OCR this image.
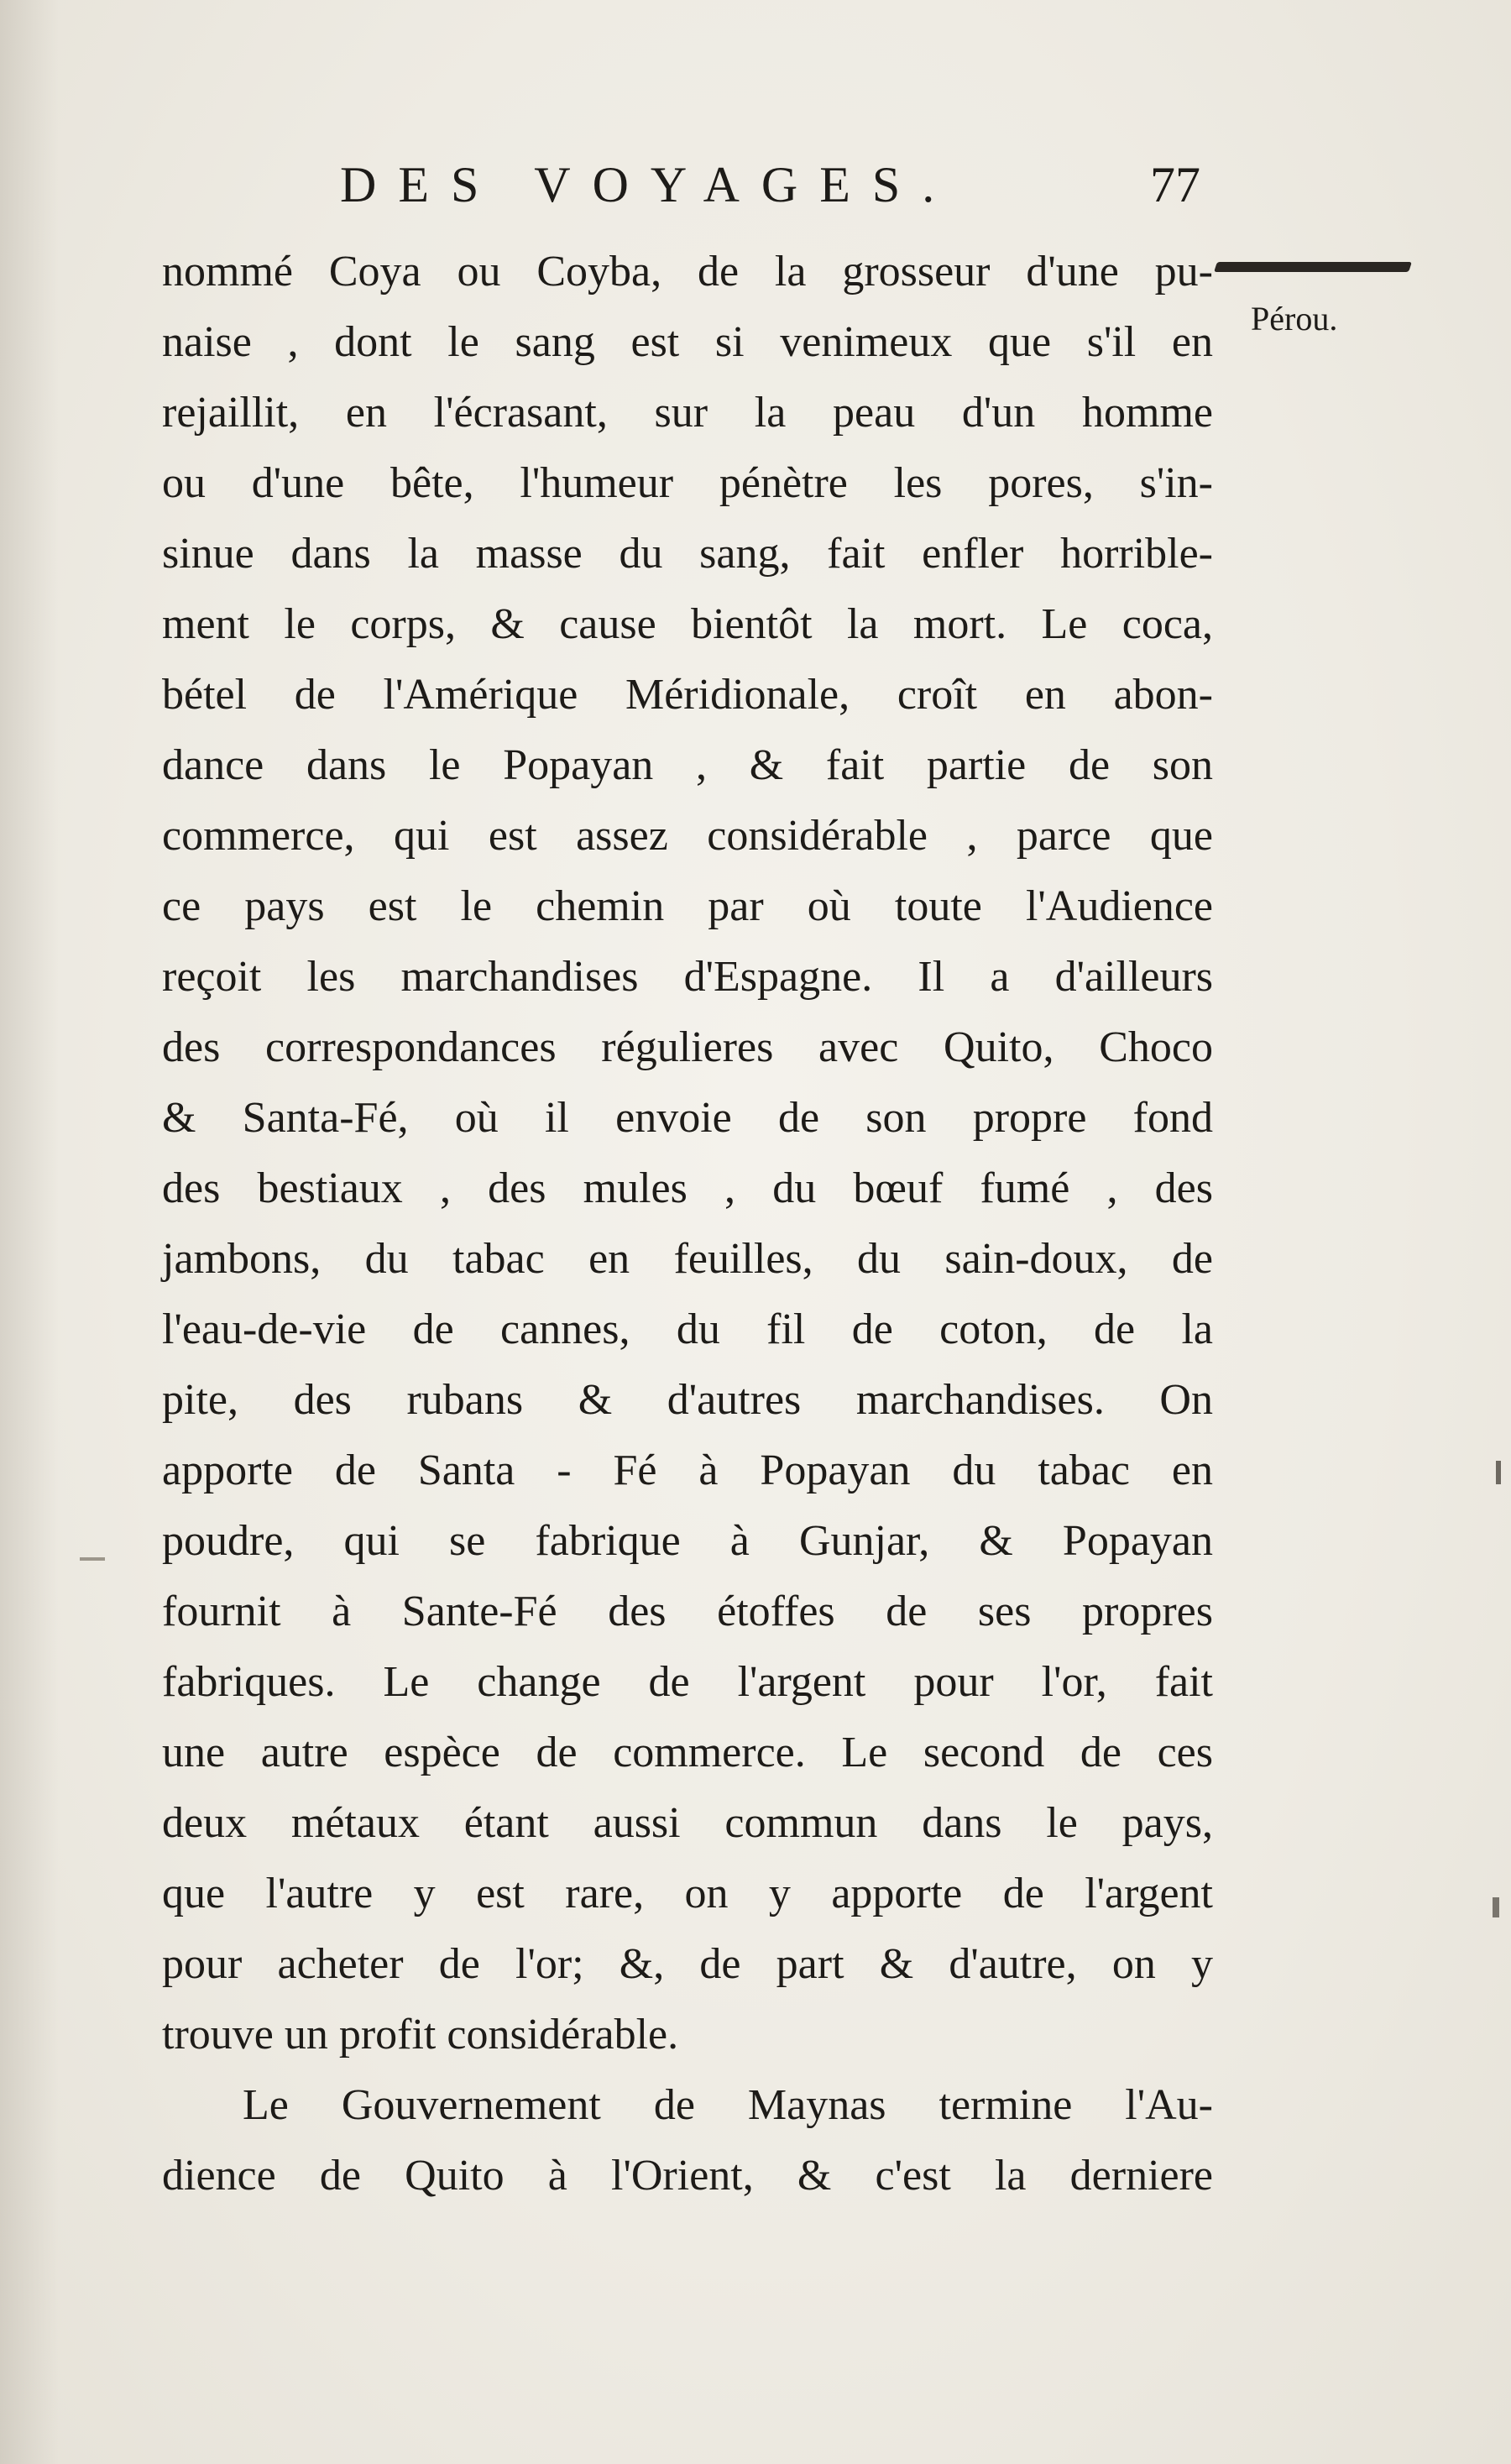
DES VOYAGES.	77
Pérou.
nommé Coya ou Coyba, de la grosseur d'une pu-
naise , dont le sang est si venimeux que s'il en
rejaillit, en l'écrasant, sur la peau d'un homme
ou d'une bête, l'humeur pénètre les pores, s'in-
sinue dans la masse du sang, fait enfler horrible-
ment le corps, & cause bientôt la mort. Le coca,
bétel de l'Amérique Méridionale, croît en abon-
dance dans le Popayan , & fait partie de son
commerce, qui est assez considérable , parce que
ce pays est le chemin par où toute l'Audience
reçoit les marchandises d'Espagne. Il a d'ailleurs
des correspondances régulieres avec Quito, Choco
& Santa-Fé, où il envoie de son propre fond
des bestiaux , des mules , du bœuf fumé , des
jambons, du tabac en feuilles, du sain-doux, de
l'eau-de-vie de cannes, du fil de coton, de la
pite, des rubans & d'autres marchandises. On
apporte de Santa - Fé à Popayan du tabac en
poudre, qui se fabrique à Gunjar, & Popayan
fournit à Sante-Fé des étoffes de ses propres
fabriques. Le change de l'argent pour l'or, fait
une autre espèce de commerce. Le second de ces
deux métaux étant aussi commun dans le pays,
que l'autre y est rare, on y apporte de l'argent
pour acheter de l'or; &, de part & d'autre, on y
trouve un profit considérable.
Le Gouvernement de Maynas termine l'Au-
dience de Quito à l'Orient, & c'est la derniere
